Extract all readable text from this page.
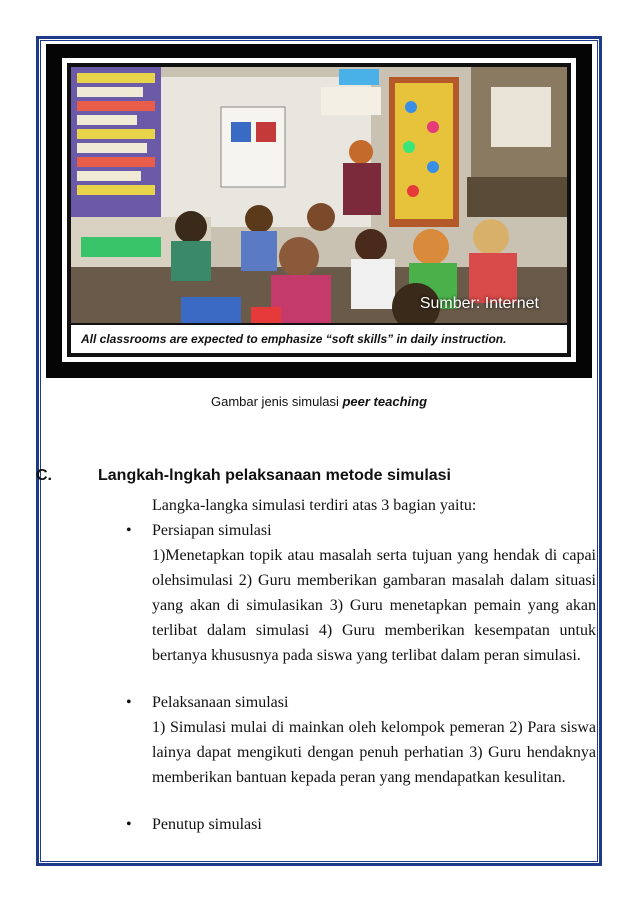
Sumber: Internet
All classrooms are expected to emphasize “soft skills” in daily instruction.
Gambar jenis simulasi peer teaching
C.	Langkah-lngkah pelaksanaan metode simulasi
Langka-langka simulasi terdiri atas 3 bagian yaitu:
• Persiapan simulasi
1)Menetapkan topik atau masalah serta tujuan yang hendak di capai olehsimulasi 2) Guru memberikan gambaran masalah dalam situasi yang akan di simulasikan 3) Guru menetapkan pemain yang akan terlibat dalam simulasi 4) Guru memberikan kesempatan untuk bertanya khususnya pada siswa yang terlibat dalam peran simulasi.
• Pelaksanaan simulasi
1) Simulasi mulai di mainkan oleh kelompok pemeran 2) Para siswa lainya dapat mengikuti dengan penuh perhatian 3) Guru hendaknya memberikan bantuan kepada peran yang mendapatkan kesulitan.
• Penutup simulasi
